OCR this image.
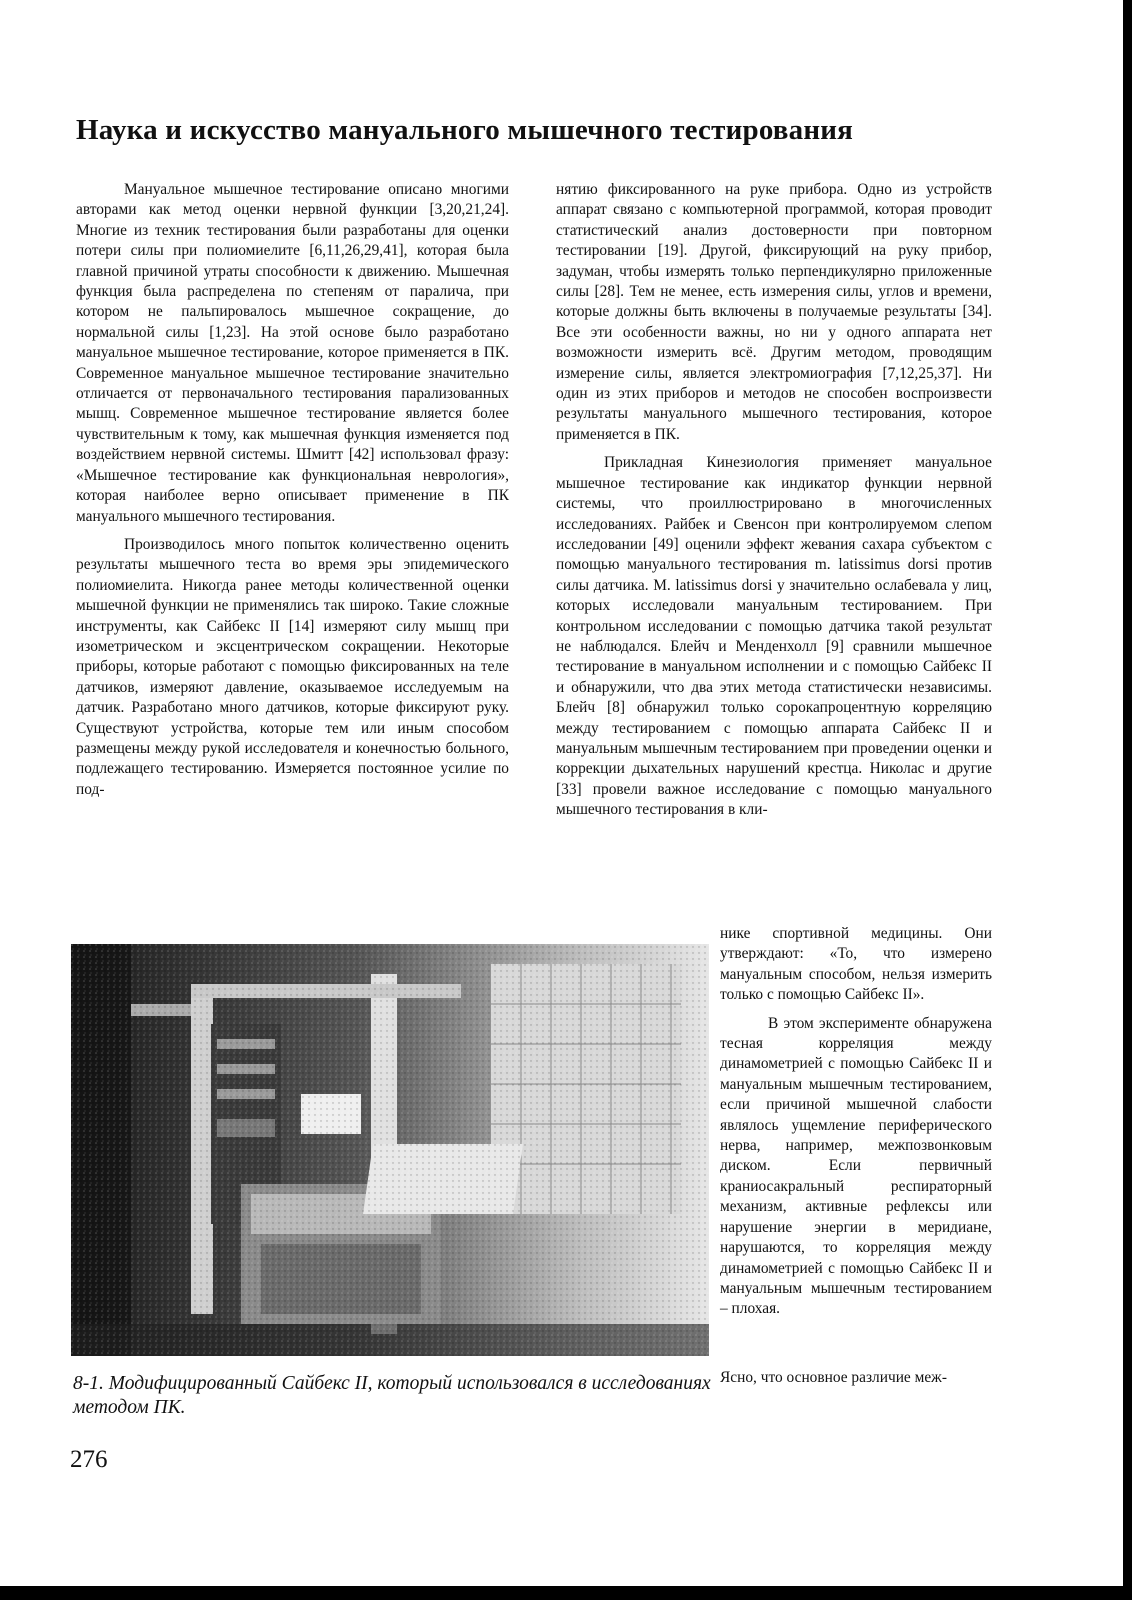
Наука и искусство мануального мышечного тестирования

Мануальное мышечное тестирование описано многими авторами как метод оценки нервной функции [3,20,21,24]. Многие из техник тестирования были разработаны для оценки потери силы при полиомиелите [6,11,26,29,41], которая была главной причиной утраты способности к движению. Мышечная функция была распределена по степеням от паралича, при котором не пальпировалось мышечное сокращение, до нормальной силы [1,23]. На этой основе было разработано мануальное мышечное тестирование, которое применяется в ПК. Современное мануальное мышечное тестирование значительно отличается от первоначального тестирования парализованных мышц. Современное мышечное тестирование является более чувствительным к тому, как мышечная функция изменяется под воздействием нервной системы. Шмитт [42] использовал фразу: «Мышечное тестирование как функциональная неврология», которая наиболее верно описывает применение в ПК мануального мышечного тестирования.

Производилось много попыток количественно оценить результаты мышечного теста во время эры эпидемического полиомиелита. Никогда ранее методы количественной оценки мышечной функции не применялись так широко. Такие сложные инструменты, как Сайбекс II [14] измеряют силу мышц при изометрическом и эксцентрическом сокращении. Некоторые приборы, которые работают с помощью фиксированных на теле датчиков, измеряют давление, оказываемое исследуемым на датчик. Разработано много датчиков, которые фиксируют руку. Существуют устройства, которые тем или иным способом размещены между рукой исследователя и конечностью больного, подлежащего тестированию. Измеряется постоянное усилие по под-

нятию фиксированного на руке прибора. Одно из устройств аппарат связано с компьютерной программой, которая проводит статистический анализ достоверности при повторном тестировании [19]. Другой, фиксирующий на руку прибор, задуман, чтобы измерять только перпендикулярно приложенные силы [28]. Тем не менее, есть измерения силы, углов и времени, которые должны быть включены в получаемые результаты [34]. Все эти особенности важны, но ни у одного аппарата нет возможности измерить всё. Другим методом, проводящим измерение силы, является электромиография [7,12,25,37]. Ни один из этих приборов и методов не способен воспроизвести результаты мануального мышечного тестирования, которое применяется в ПК.

Прикладная Кинезиология применяет мануальное мышечное тестирование как индикатор функции нервной системы, что проиллюстрировано в многочисленных исследованиях. Райбек и Свенсон при контролируемом слепом исследовании [49] оценили эффект жевания сахара субъектом с помощью мануального тестирования m. latissimus dorsi против силы датчика. M. latissimus dorsi у значительно ослабевала у лиц, которых исследовали мануальным тестированием. При контрольном исследовании с помощью датчика такой результат не наблюдался. Блейч и Менденхолл [9] сравнили мышечное тестирование в мануальном исполнении и с помощью Сайбекс II и обнаружили, что два этих метода статистически независимы. Блейч [8] обнаружил только сорокапроцентную корреляцию между тестированием с помощью аппарата Сайбекс II и мануальным мышечным тестированием при проведении оценки и коррекции дыхательных нарушений крестца. Николас и другие [33] провели важное исследование с помощью мануального мышечного тестирования в кли-

нике спортивной медицины. Они утверждают: «То, что измерено мануальным способом, нельзя измерить только с помощью Сайбекс II».

В этом эксперименте обнаружена тесная корреляция между динамометрией с помощью Сайбекс II и мануальным мышечным тестированием, если причиной мышечной слабости являлось ущемление периферического нерва, например, межпозвонковым диском. Если первичный краниосакральный респираторный механизм, активные рефлексы или нарушение энергии в меридиане, нарушаются, то корреляция между динамометрией с помощью Сайбекс II и мануальным мышечным тестированием – плохая.

Ясно, что основное различие меж-
8-1. Модифицированный Сайбекс II, который использовался в исследованиях методом ПК.
276
